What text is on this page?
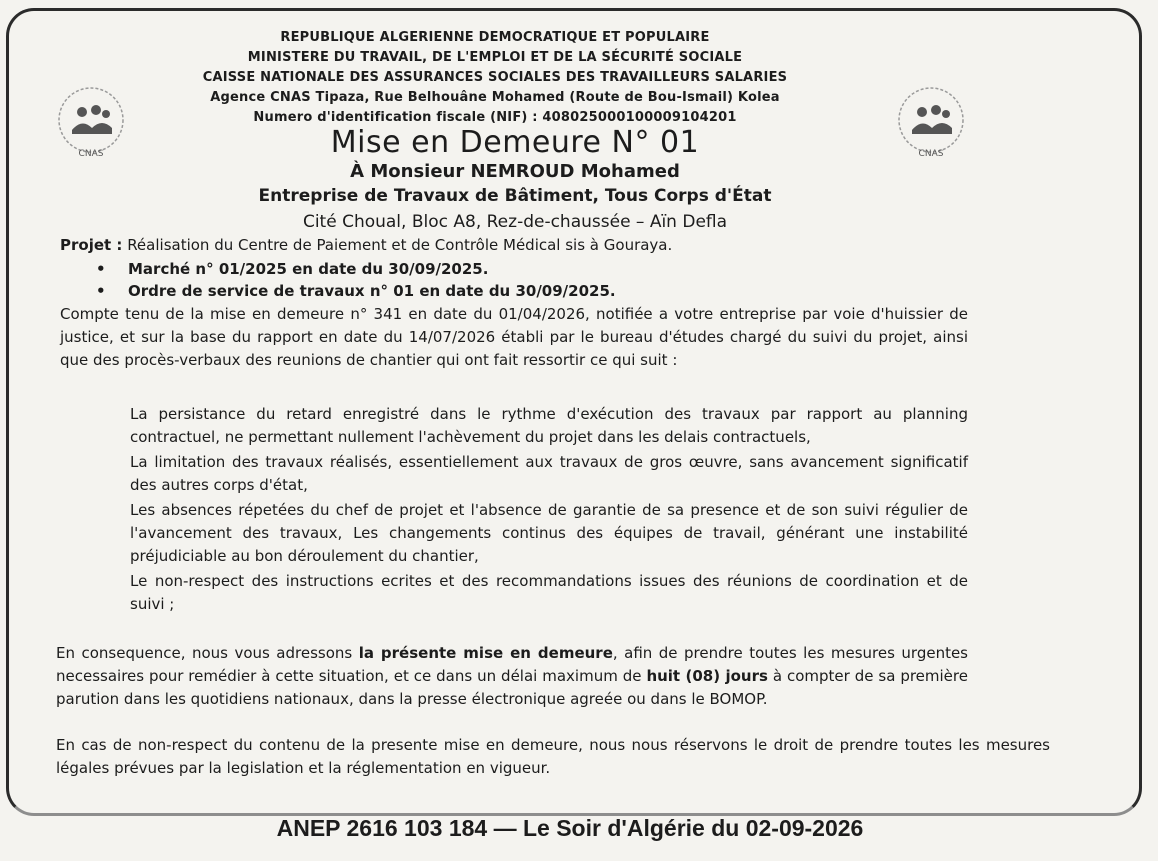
REPUBLIQUE ALGERIENNE DEMOCRATIQUE ET POPULAIRE
MINISTERE DU TRAVAIL, DE L'EMPLOI ET DE LA SÉCURITÉ SOCIALE
CAISSE NATIONALE DES ASSURANCES SOCIALES DES TRAVAILLEURS SALARIES
Agence CNAS Tipaza, Rue Belhouâne Mohamed (Route de Bou-Ismail) Kolea
Numero d'identification fiscale (NIF) : 408025000100009104201
CNAS	CNAS
Mise en Demeure N° 01
À Monsieur NEMROUD Mohamed
Entreprise de Travaux de Bâtiment, Tous Corps d'État
Cité Choual, Bloc A8, Rez-de-chaussée – Aïn Defla
Projet : Réalisation du Centre de Paiement et de Contrôle Médical sis à Gouraya.
• Marché n° 01/2025 en date du 30/09/2025.
• Ordre de service de travaux n° 01 en date du 30/09/2025.
Compte tenu de la mise en demeure n° 341 en date du 01/04/2026, notifiée a votre entreprise par voie d'huissier de justice, et sur la base du rapport en date du 14/07/2026 établi par le bureau d'études chargé du suivi du projet, ainsi que des procès-verbaux des reunions de chantier qui ont fait ressortir ce qui suit :
La persistance du retard enregistré dans le rythme d'exécution des travaux par rapport au planning contractuel, ne permettant nullement l'achèvement du projet dans les delais contractuels,
La limitation des travaux réalisés, essentiellement aux travaux de gros œuvre, sans avancement significatif des autres corps d'état,
Les absences répetées du chef de projet et l'absence de garantie de sa presence et de son suivi régulier de l'avancement des travaux, Les changements continus des équipes de travail, générant une instabilité préjudiciable au bon déroulement du chantier,
Le non-respect des instructions ecrites et des recommandations issues des réunions de coordination et de suivi ;
En consequence, nous vous adressons la présente mise en demeure, afin de prendre toutes les mesures urgentes necessaires pour remédier à cette situation, et ce dans un délai maximum de huit (08) jours à compter de sa première parution dans les quotidiens nationaux, dans la presse électronique agreée ou dans le BOMOP.
En cas de non-respect du contenu de la presente mise en demeure, nous nous réservons le droit de prendre toutes les mesures légales prévues par la legislation et la réglementation en vigueur.
ANEP 2616 103 184 — Le Soir d'Algérie du 02-09-2026
